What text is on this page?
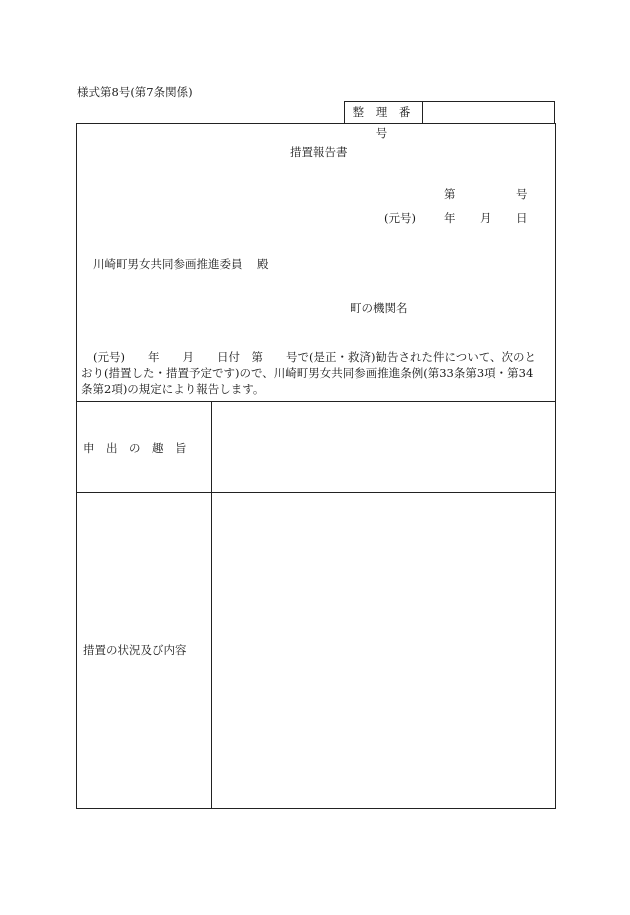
様式第8号(第7条関係)
整 理 番 号
措置報告書
第	号
(元号) 年 月 日
川崎町男女共同参画推進委員 殿
町の機関名
(元号)　　年　　月　　日付　第　　号で(是正・救済)勧告された件について、次のと
おり(措置した・措置予定です)ので、川崎町男女共同参画推進条例(第33条第3項・第34
条第2項)の規定により報告します。
申　出　の　趣　旨
措置の状況及び内容
